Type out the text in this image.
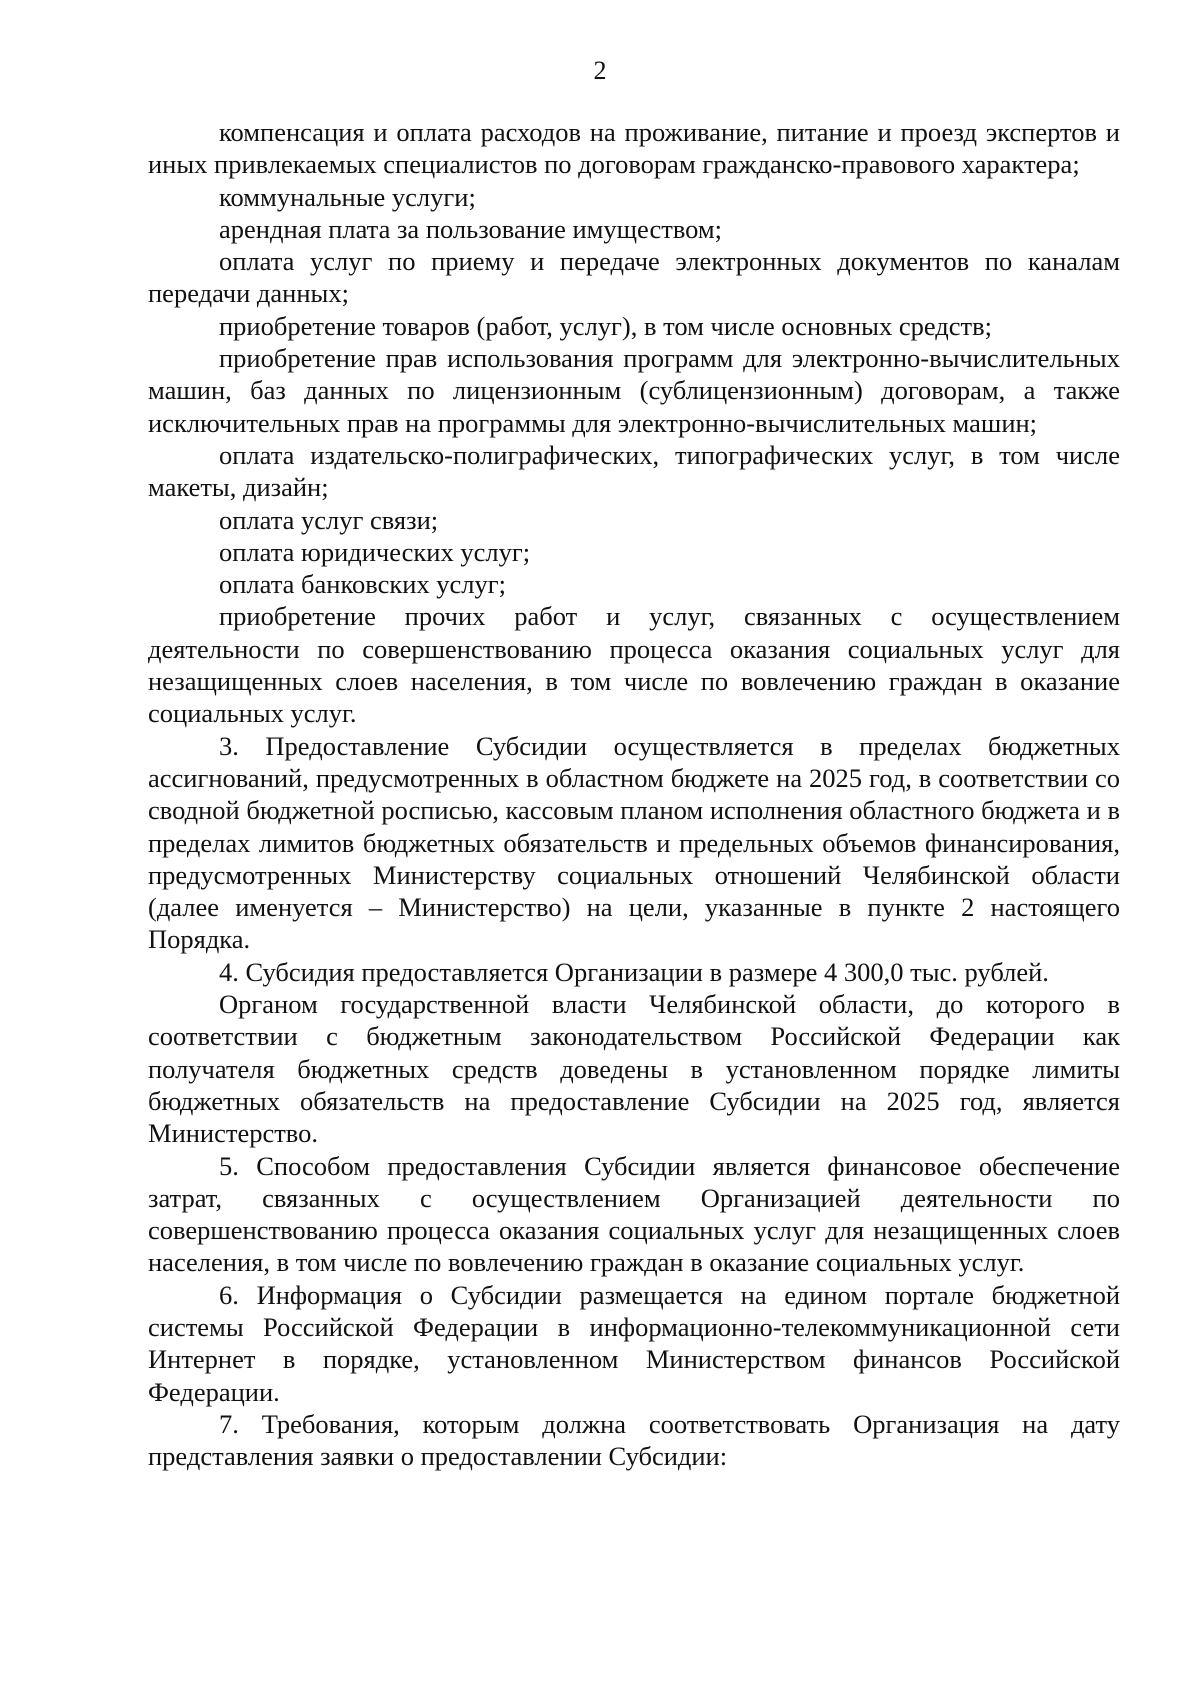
2

компенсация и оплата расходов на проживание, питание и проезд экспертов и иных привлекаемых специалистов по договорам гражданско-правового характера;

коммунальные услуги;

арендная плата за пользование имуществом;

оплата услуг по приему и передаче электронных документов по каналам передачи данных;

приобретение товаров (работ, услуг), в том числе основных средств;

приобретение прав использования программ для электронно-вычислительных машин, баз данных по лицензионным (сублицензионным) договорам, а также исключительных прав на программы для электронно-вычислительных машин;

оплата издательско-полиграфических, типографических услуг, в том числе макеты, дизайн;

оплата услуг связи;

оплата юридических услуг;

оплата банковских услуг;

приобретение прочих работ и услуг, связанных с осуществлением деятельности по совершенствованию процесса оказания социальных услуг для незащищенных слоев населения, в том числе по вовлечению граждан в оказание социальных услуг.

3. Предоставление Субсидии осуществляется в пределах бюджетных ассигнований, предусмотренных в областном бюджете на 2025 год, в соответствии со сводной бюджетной росписью, кассовым планом исполнения областного бюджета и в пределах лимитов бюджетных обязательств и предельных объемов финансирования, предусмотренных Министерству социальных отношений Челябинской области (далее именуется – Министерство) на цели, указанные в пункте 2 настоящего Порядка.

4. Субсидия предоставляется Организации в размере 4 300,0 тыс. рублей.

Органом государственной власти Челябинской области, до которого в соответствии с бюджетным законодательством Российской Федерации как получателя бюджетных средств доведены в установленном порядке лимиты бюджетных обязательств на предоставление Субсидии на 2025 год, является Министерство.

5. Способом предоставления Субсидии является финансовое обеспечение затрат, связанных с осуществлением Организацией деятельности по совершенствованию процесса оказания социальных услуг для незащищенных слоев населения, в том числе по вовлечению граждан в оказание социальных услуг.

6. Информация о Субсидии размещается на едином портале бюджетной системы Российской Федерации в информационно-телекоммуникационной сети Интернет в порядке, установленном Министерством финансов Российской Федерации.

7. Требования, которым должна соответствовать Организация на дату представления заявки о предоставлении Субсидии:
